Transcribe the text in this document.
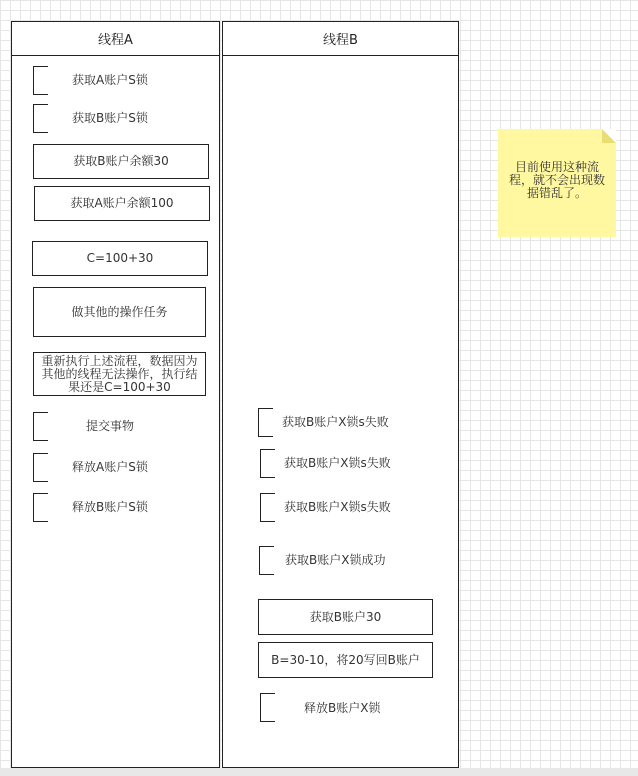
线程A	线程B
获取A账户S锁
获取B账户S锁
获取B账户余额30
获取A账户余额100
C=100+30
做其他的操作任务
重新执行上述流程，数据因为其他的线程无法操作，执行结果还是C=100+30
提交事物
释放A账户S锁
释放B账户S锁
获取B账户X锁s失败
获取B账户X锁s失败
获取B账户X锁s失败
获取B账户X锁成功
获取B账户30
B=30-10，将20写回B账户
释放B账户X锁
目前使用这种流程，就不会出现数据错乱了。
